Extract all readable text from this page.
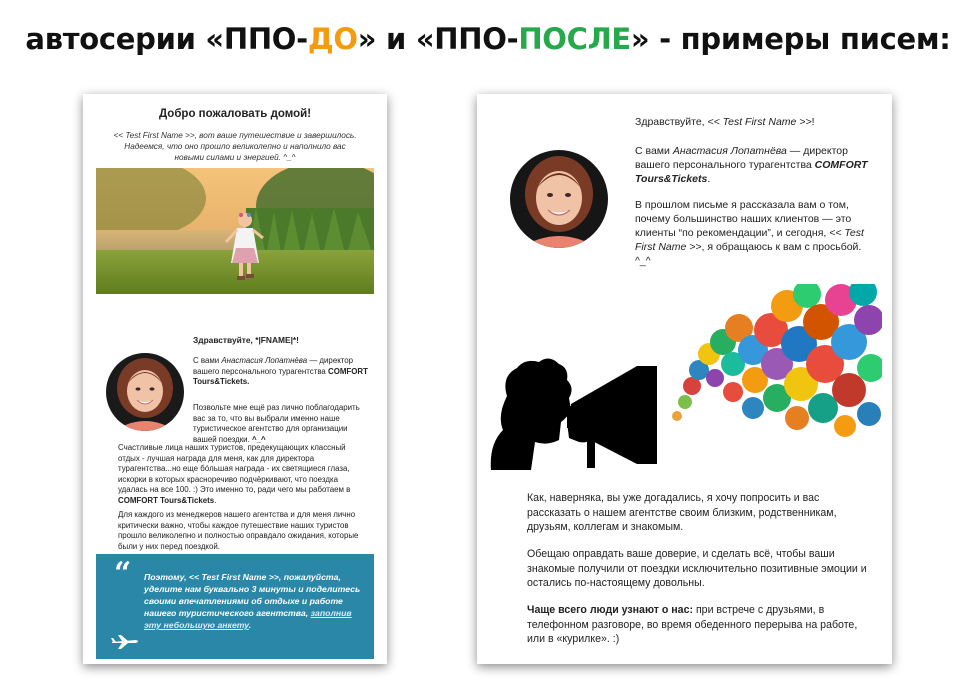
автосерии «ППО-ДО» и «ППО-ПОСЛЕ» - примеры писем:
Добро пожаловать домой!
<< Test First Name >>, вот ваше путешествие и завершилось. Надеемся, что оно прошло великолепно и наполнило вас новыми силами и энергией. ^_^
Здравствуйте, *|FNAME|*!
С вами Анастасия Лопатнёва — директор вашего персонального турагентства COMFORT Tours&Tickets.
Позвольте мне ещё раз лично поблагодарить вас за то, что вы выбрали именно наше туристическое агентство для организации вашей поездки. ^_^
Счастливые лица наших туристов, предекущающих классный отдых - лучшая награда для меня, как для директора турагентства...но еще бóльшая награда - их светящиеся глаза, искорки в которых красноречиво подчёркивают, что поездка удалась на все 100. :) Это именно то, ради чего мы работаем в COMFORT Tours&Tickets.
Для каждого из менеджеров нашего агентства и для меня лично критически важно, чтобы каждое путешествие наших туристов прошло великолепно и полностью оправдало ожидания, которые были у них перед поездкой.
“ Поэтому, << Test First Name >>, пожалуйста, уделите нам буквально 3 минуты и поделитесь своими впечатлениями об отдыхе и работе нашего туристического агентства, заполнив эту небольшую анкету.
Здравствуйте, << Test First Name >>!
С вами Анастасия Лопатнёва — директор вашего персонального турагентства COMFORT Tours&Tickets.
В прошлом письме я рассказала вам о том, почему большинство наших клиентов — это клиенты “по рекомендации”, и сегодня, << Test First Name >>, я обращаюсь к вам с просьбой. ^_^
Как, наверняка, вы уже догадались, я хочу попросить и вас рассказать о нашем агентстве своим близким, родственникам, друзьям, коллегам и знакомым.
Обещаю оправдать ваше доверие, и сделать всё, чтобы ваши знакомые получили от поездки исключительно позитивные эмоции и остались по-настоящему довольны.
Чаще всего люди узнают о нас: при встрече с друзьями, в телефонном разговоре, во время обеденного перерыва на работе, или в «курилке». :)
